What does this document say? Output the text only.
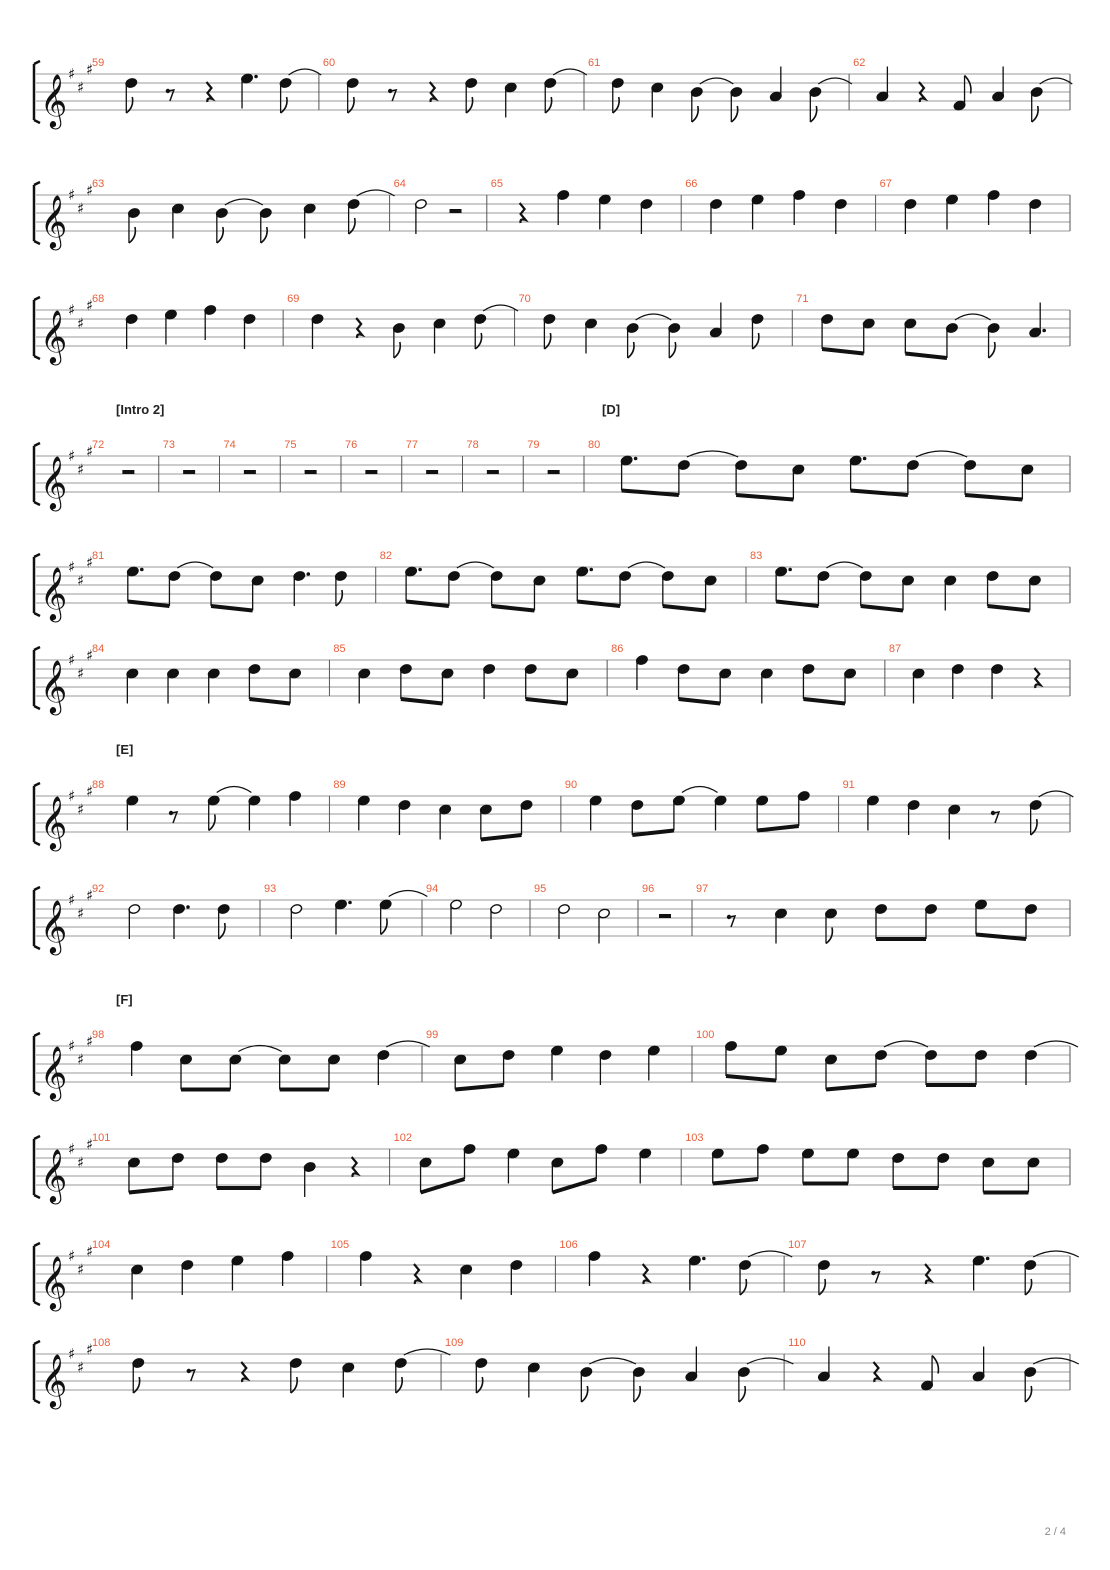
𝄞 ♯
♯
♯
59	60	61	62
𝄞 ♯
♯
♯
63	64	65	66	67
𝄞 ♯
♯
♯
68	69	70	71
𝄞 ♯
♯
♯
72
[Intro 2]
73	74	75	76	77	78	79	80
[D]
𝄞 ♯
♯
♯
81	82	83
𝄞 ♯
♯
♯
84	85	86	87
𝄞 ♯
♯
♯
88
[E]
89	90	91
𝄞 ♯
♯
♯
92	93	94	95	96	97
𝄞 ♯
♯
♯
98
[F]
99	100
𝄞 ♯
♯
♯
101	102	103
𝄞 ♯
♯
♯
104	105	106	107
𝄞 ♯
♯
♯
108	109	110
2 / 4
